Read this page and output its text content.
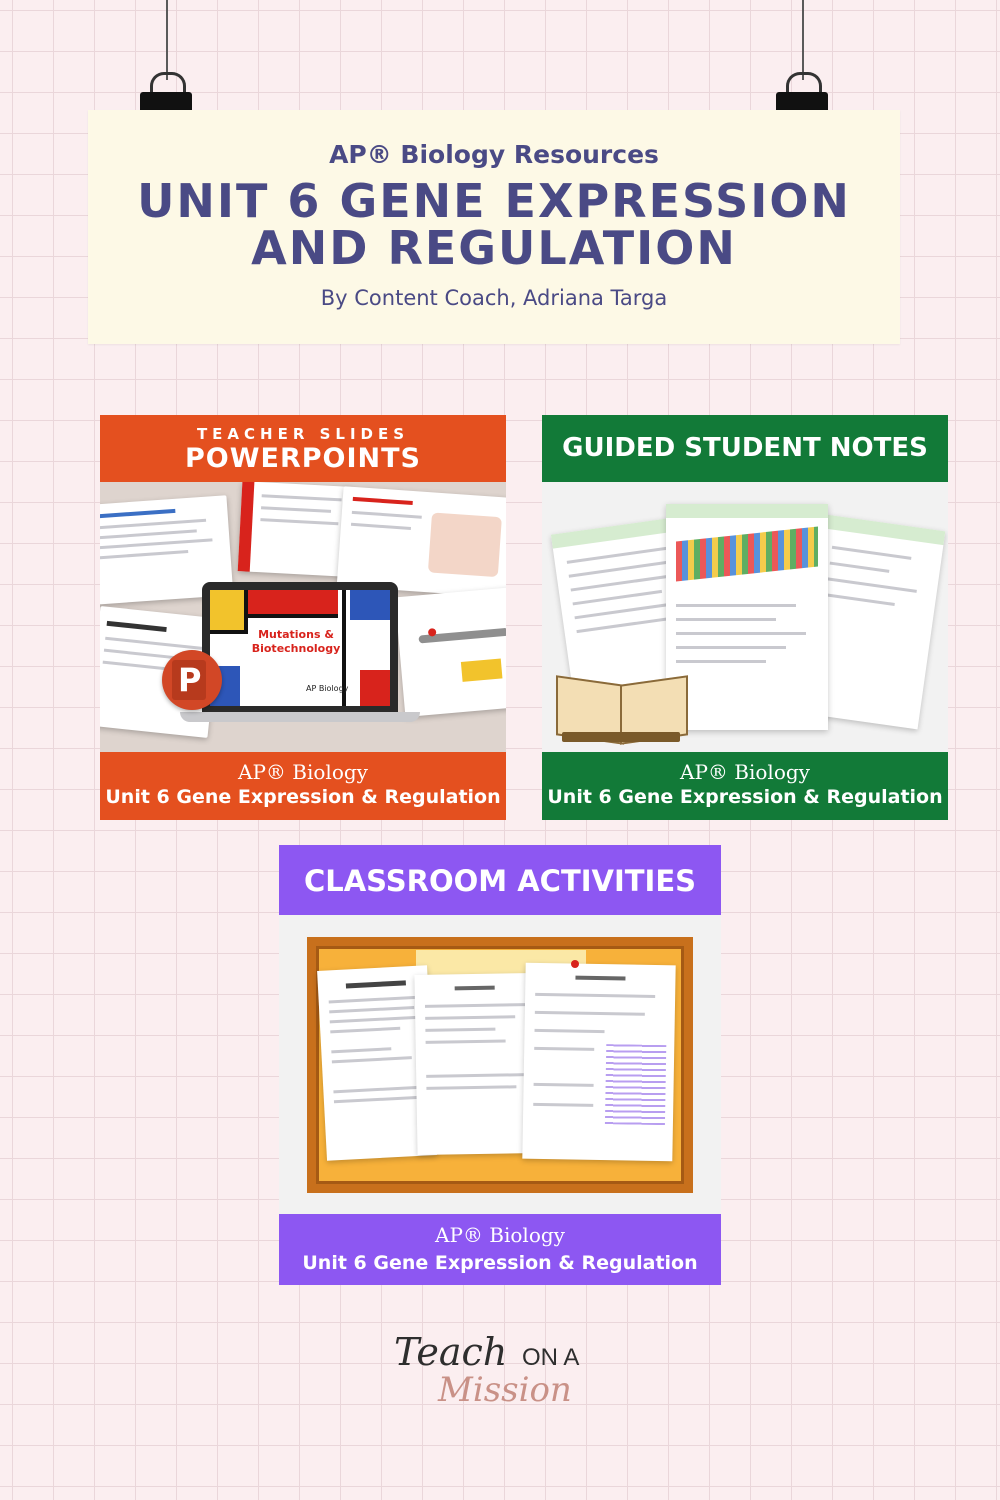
AP® Biology Resources
UNIT 6 GENE EXPRESSION
AND REGULATION
By Content Coach, Adriana Targa
TEACHER SLIDES
POWERPOINTS
Mutations &
Biotechnology
AP Biology
P
AP® Biology
Unit 6 Gene Expression & Regulation
GUIDED STUDENT NOTES
AP® Biology
Unit 6 Gene Expression & Regulation
CLASSROOM ACTIVITIES
AP® Biology
Unit 6 Gene Expression & Regulation
Teach ON A
Mission
